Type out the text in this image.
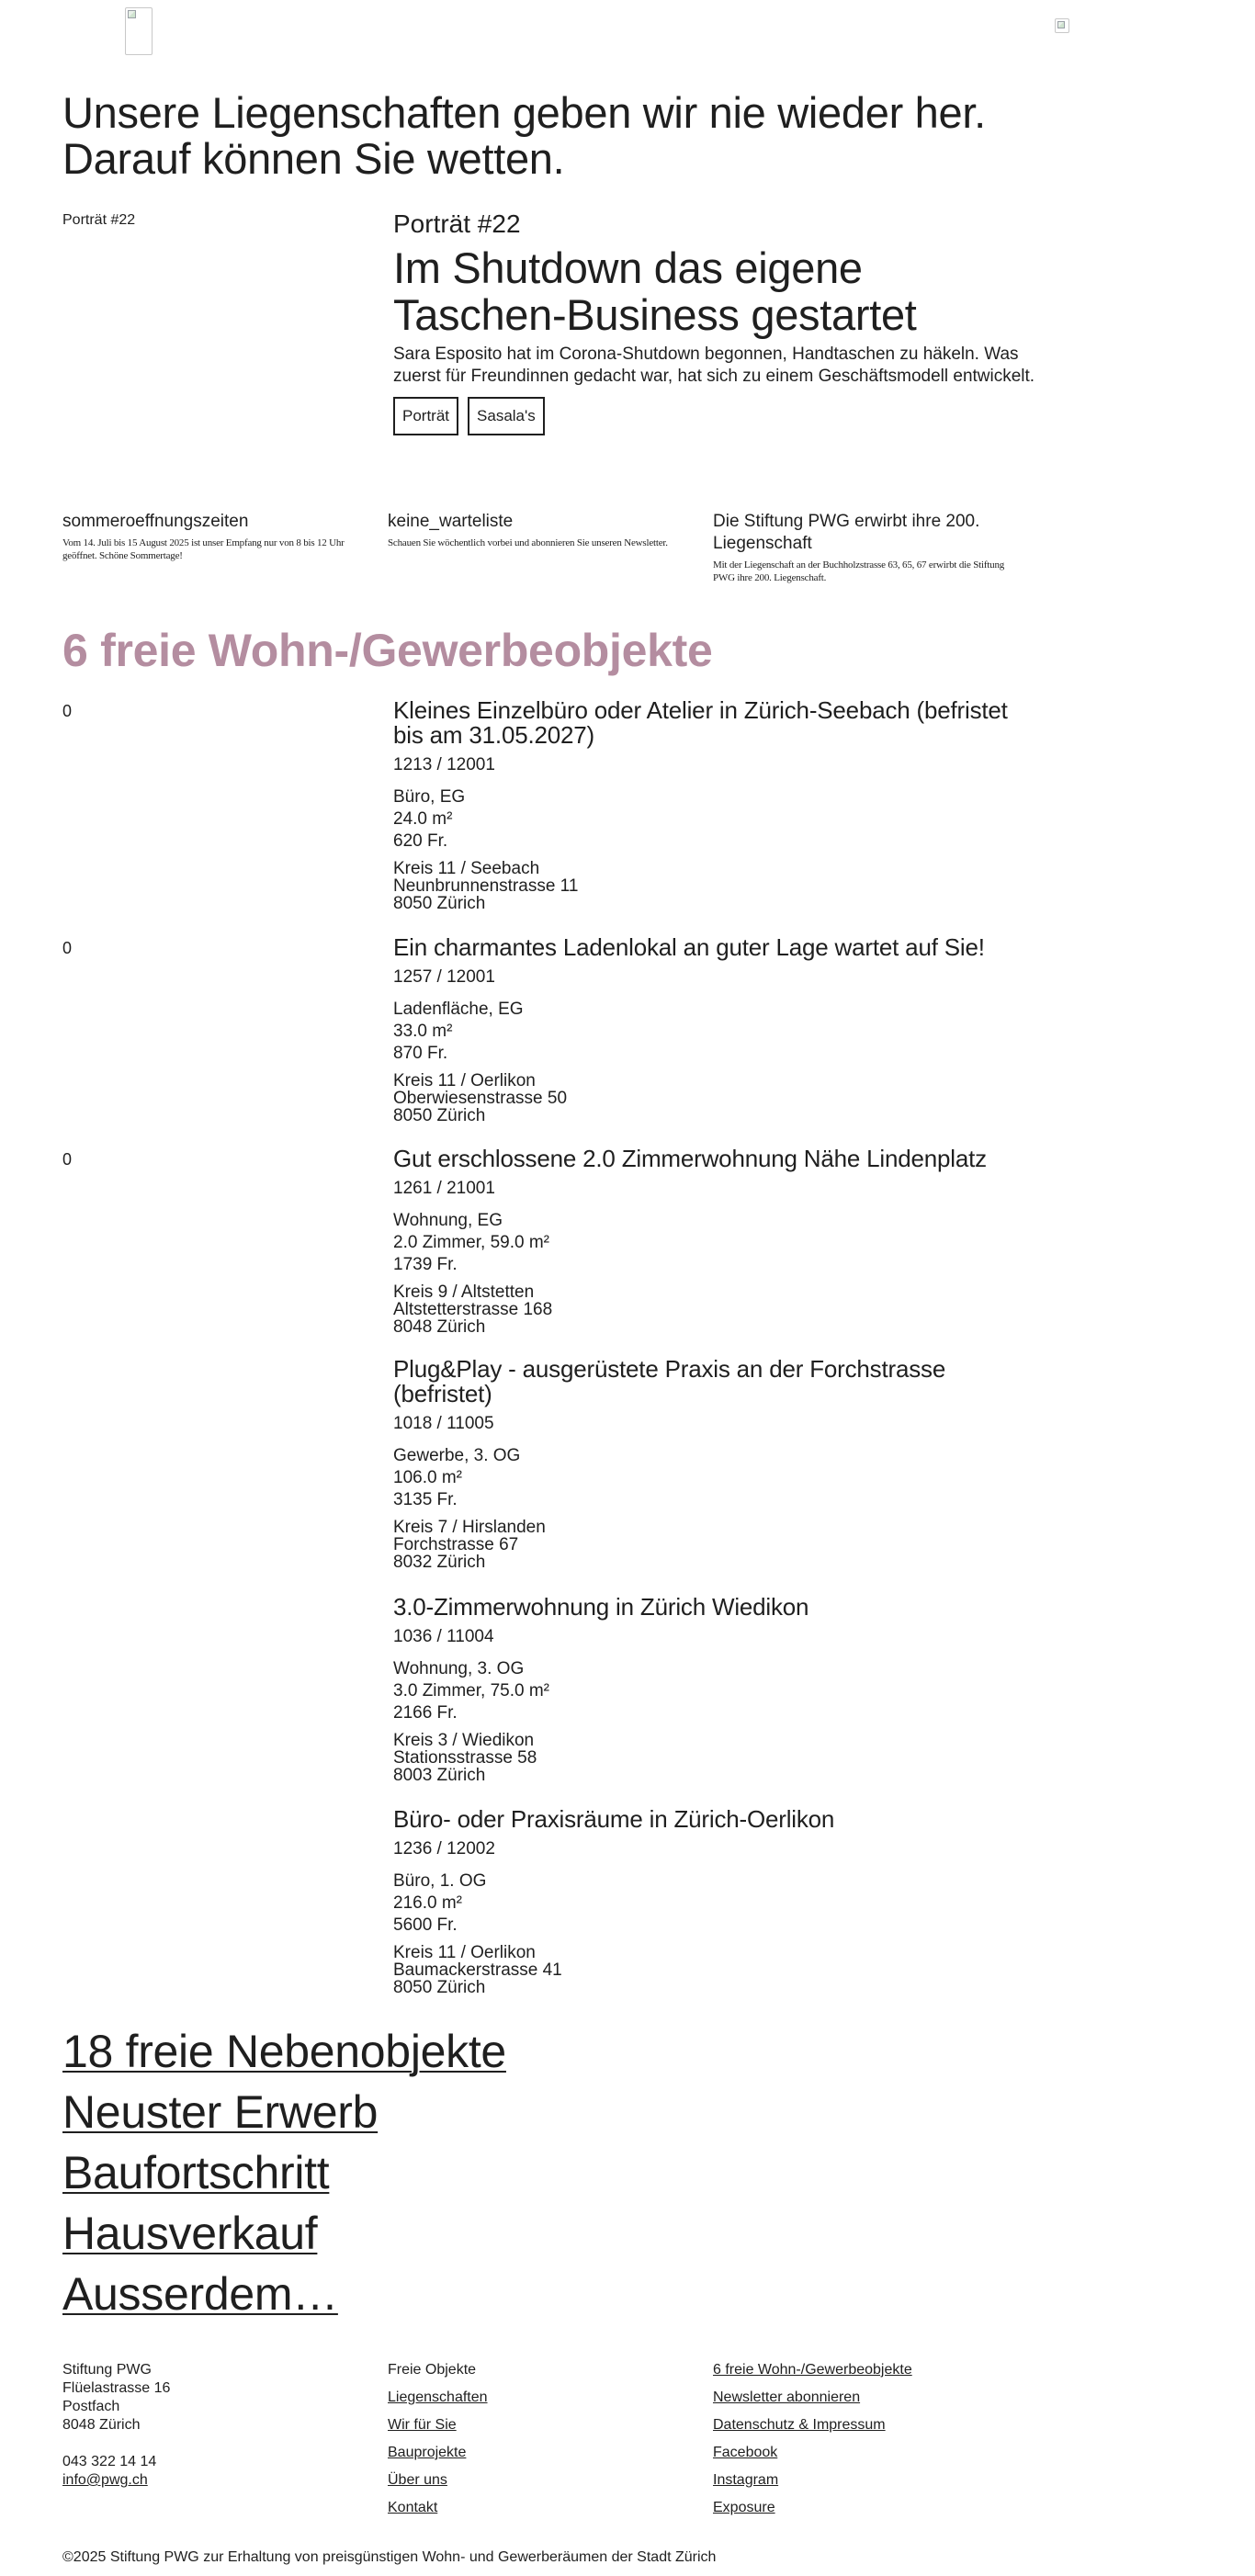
Unsere Liegenschaften geben wir nie wieder her.
Darauf können Sie wetten.
Porträt #22	Porträt #22
Im Shutdown das eigene
Taschen-Business gestartet

Sara Esposito hat im Corona-Shutdown begonnen, Handtaschen zu häkeln. Was zuerst für Freundinnen gedacht war, hat sich zu einem Geschäftsmodell entwickelt.

Porträt	Sasala's
sommeroeffnungszeiten
Vom 14. Juli bis 15 August 2025 ist unser Empfang nur von 8 bis 12 Uhr geöffnet. Schöne Sommertage!
keine_warteliste
Schauen Sie wöchentlich vorbei und abonnieren Sie unseren Newsletter.
Die Stiftung PWG erwirbt ihre 200. Liegenschaft
Mit der Liegenschaft an der Buchholzstrasse 63, 65, 67 erwirbt die Stiftung PWG ihre 200. Liegenschaft.
6 freie Wohn-/Gewerbeobjekte
0	Kleines Einzelbüro oder Atelier in Zürich-Seebach (befristet bis am 31.05.2027)
1213 / 12001
Büro, EG
24.0 m²
620 Fr.
Kreis 11 / Seebach
Neunbrunnenstrasse 11
8050 Zürich
0	Ein charmantes Ladenlokal an guter Lage wartet auf Sie!
1257 / 12001
Ladenfläche, EG
33.0 m²
870 Fr.
Kreis 11 / Oerlikon
Oberwiesenstrasse 50
8050 Zürich
0	Gut erschlossene 2.0 Zimmerwohnung Nähe Lindenplatz
1261 / 21001
Wohnung, EG
2.0 Zimmer, 59.0 m²
1739 Fr.
Kreis 9 / Altstetten
Altstetterstrasse 168
8048 Zürich
Plug&Play - ausgerüstete Praxis an der Forchstrasse (befristet)
1018 / 11005
Gewerbe, 3. OG
106.0 m²
3135 Fr.
Kreis 7 / Hirslanden
Forchstrasse 67
8032 Zürich
3.0-Zimmerwohnung in Zürich Wiedikon
1036 / 11004
Wohnung, 3. OG
3.0 Zimmer, 75.0 m²
2166 Fr.
Kreis 3 / Wiedikon
Stationsstrasse 58
8003 Zürich
Büro- oder Praxisräume in Zürich-Oerlikon
1236 / 12002
Büro, 1. OG
216.0 m²
5600 Fr.
Kreis 11 / Oerlikon
Baumackerstrasse 41
8050 Zürich
18 freie Nebenobjekte
Neuster Erwerb
Baufortschritt
Hausverkauf
Ausserdem…
Stiftung PWG
Flüelastrasse 16
Postfach
8048 Zürich
043 322 14 14
info@pwg.ch
Freie Objekte
Liegenschaften
Wir für Sie
Bauprojekte
Über uns
Kontakt
6 freie Wohn-/Gewerbeobjekte
Newsletter abonnieren
Datenschutz & Impressum
Facebook
Instagram
Exposure
©2025 Stiftung PWG zur Erhaltung von preisgünstigen Wohn- und Gewerberäumen der Stadt Zürich
